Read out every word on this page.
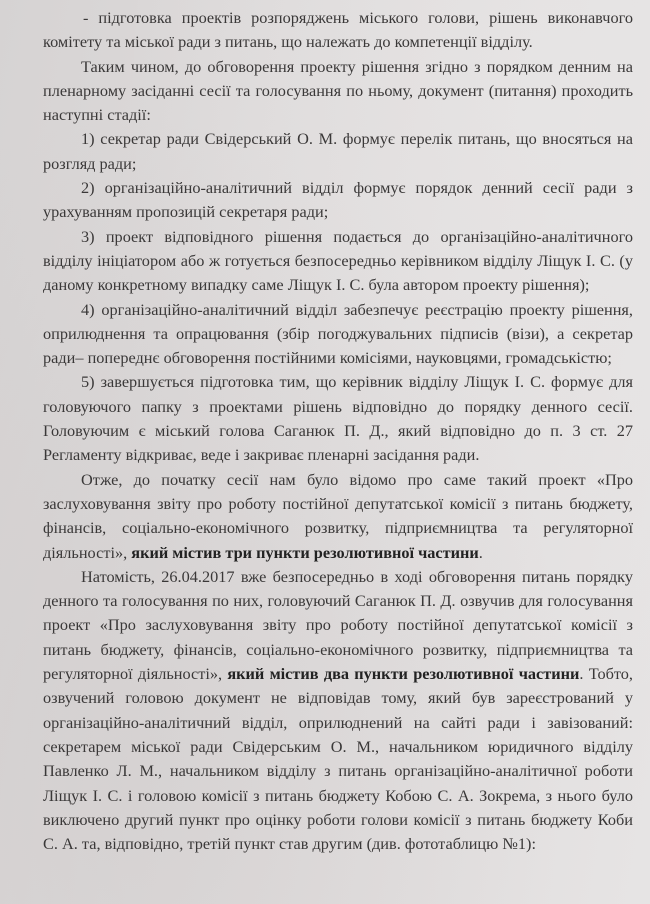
- підготовка проектів розпоряджень міського голови, рішень виконавчого комітету та міської ради з питань, що належать до компетенції відділу.

Таким чином, до обговорення проекту рішення згідно з порядком денним на пленарному засіданні сесії та голосування по ньому, документ (питання) проходить наступні стадії:

1) секретар ради Свідерський О. М. формує перелік питань, що вносяться на розгляд ради;

2) організаційно-аналітичний відділ формує порядок денний сесії ради з урахуванням пропозицій секретаря ради;

3) проект відповідного рішення подається до організаційно-аналітичного відділу ініціатором або ж готується безпосередньо керівником відділу Ліщук І. С. (у даному конкретному випадку саме Ліщук І. С. була автором проекту рішення);

4) організаційно-аналітичний відділ забезпечує реєстрацію проекту рішення, оприлюднення та опрацювання (збір погоджувальних підписів (візи), а секретар ради– попереднє обговорення постійними комісіями, науковцями, громадськістю;

5) завершується підготовка тим, що керівник відділу Ліщук І. С. формує для головуючого папку з проектами рішень відповідно до порядку денного сесії. Головуючим є міський голова Саганюк П. Д., який відповідно до п. 3 ст. 27 Регламенту відкриває, веде і закриває пленарні засідання ради.

Отже, до початку сесії нам було відомо про саме такий проект «Про заслуховування звіту про роботу постійної депутатської комісії з питань бюджету, фінансів, соціально-економічного розвитку, підприємництва та регуляторної діяльності», який містив три пункти резолютивної частини.

Натомість, 26.04.2017 вже безпосередньо в ході обговорення питань порядку денного та голосування по них, головуючий Саганюк П. Д. озвучив для голосування проект «Про заслуховування звіту про роботу постійної депутатської комісії з питань бюджету, фінансів, соціально-економічного розвитку, підприємництва та регуляторної діяльності», який містив два пункти резолютивної частини. Тобто, озвучений головою документ не відповідав тому, який був зареєстрований у організаційно-аналітичний відділ, оприлюднений на сайті ради і завізований: секретарем міської ради Свідерським О. М., начальником юридичного відділу Павленко Л. М., начальником відділу з питань організаційно-аналітичної роботи Ліщук І. С. і головою комісії з питань бюджету Кобою С. А. Зокрема, з нього було виключено другий пункт про оцінку роботи голови комісії з питань бюджету Коби С. А. та, відповідно, третій пункт став другим (див. фототаблицю №1):
